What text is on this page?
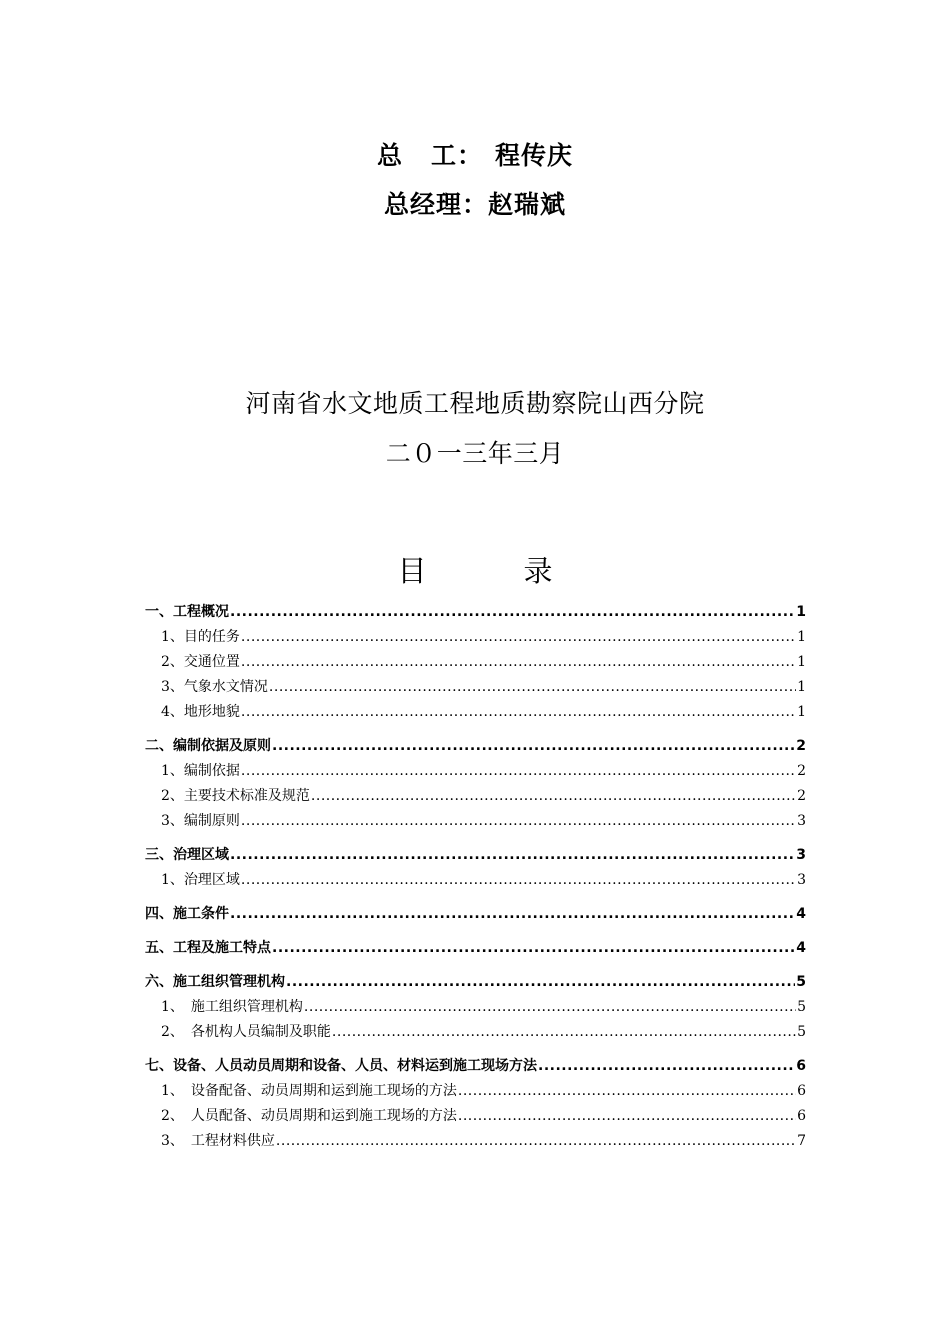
总 工： 程传庆
总经理：赵瑞斌
河南省水文地质工程地质勘察院山西分院
二０一三年三月
目　录
一、工程概况 .....	1
1、目的任务 .....	1
2、交通位置 .....	1
3、气象水文情况 .....	1
4、地形地貌 .....	1
二、编制依据及原则 .....	2
1、编制依据 .....	2
2、主要技术标准及规范 .....	2
3、编制原则 .....	3
三、治理区域 .....	3
1、治理区域 .....	3
四、施工条件 .....	4
五、工程及施工特点 .....	4
六、施工组织管理机构 .....	5
1、　施工组织管理机构 .....	5
2、　各机构人员编制及职能 .....	5
七、设备、人员动员周期和设备、人员、材料运到施工现场方法 .....	6
1、　设备配备、动员周期和运到施工现场的方法 .....	6
2、　人员配备、动员周期和运到施工现场的方法 .....	6
3、　工程材料供应 .....	7
